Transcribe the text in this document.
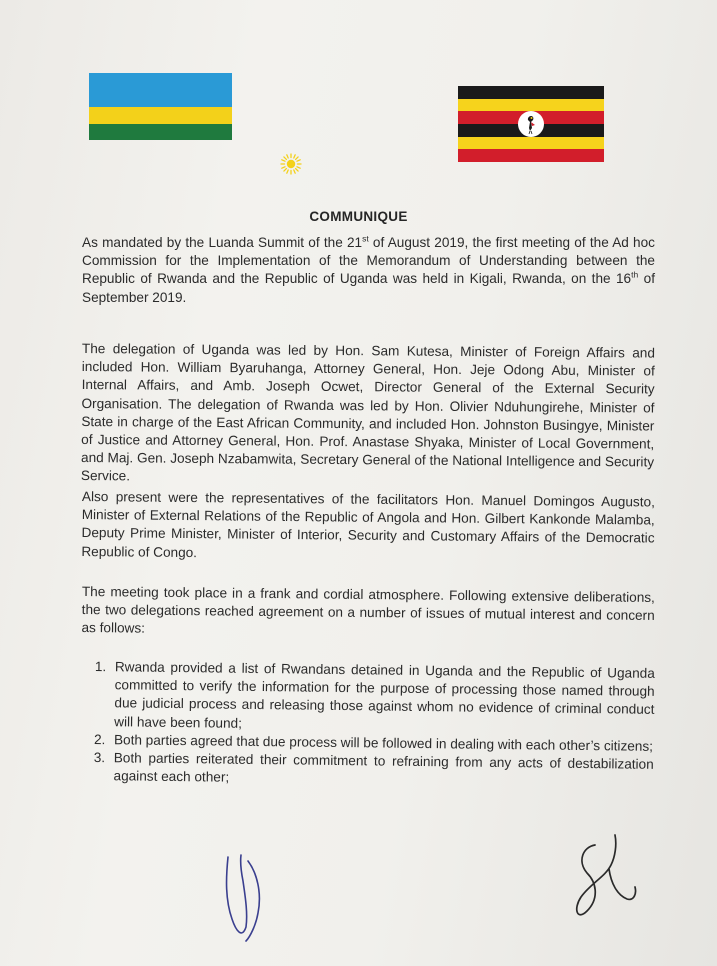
COMMUNIQUE
As mandated by the Luanda Summit of the 21st of August 2019, the first meeting of the Ad hoc Commission for the Implementation of the Memorandum of Understanding between the Republic of Rwanda and the Republic of Uganda was held in Kigali, Rwanda, on the 16th of September 2019.
The delegation of Uganda was led by Hon. Sam Kutesa, Minister of Foreign Affairs and included Hon. William Byaruhanga, Attorney General, Hon. Jeje Odong Abu, Minister of Internal Affairs, and Amb. Joseph Ocwet, Director General of the External Security Organisation. The delegation of Rwanda was led by Hon. Olivier Nduhungirehe, Minister of State in charge of the East African Community, and included Hon. Johnston Busingye, Minister of Justice and Attorney General, Hon. Prof. Anastase Shyaka, Minister of Local Government, and Maj. Gen. Joseph Nzabamwita, Secretary General of the National Intelligence and Security Service.
Also present were the representatives of the facilitators Hon. Manuel Domingos Augusto, Minister of External Relations of the Republic of Angola and Hon. Gilbert Kankonde Malamba, Deputy Prime Minister, Minister of Interior, Security and Customary Affairs of the Democratic Republic of Congo.
The meeting took place in a frank and cordial atmosphere. Following extensive deliberations, the two delegations reached agreement on a number of issues of mutual interest and concern as follows:
1. Rwanda provided a list of Rwandans detained in Uganda and the Republic of Uganda committed to verify the information for the purpose of processing those named through due judicial process and releasing those against whom no evidence of criminal conduct will have been found;
2. Both parties agreed that due process will be followed in dealing with each other’s citizens;
3. Both parties reiterated their commitment to refraining from any acts of destabilization against each other;
